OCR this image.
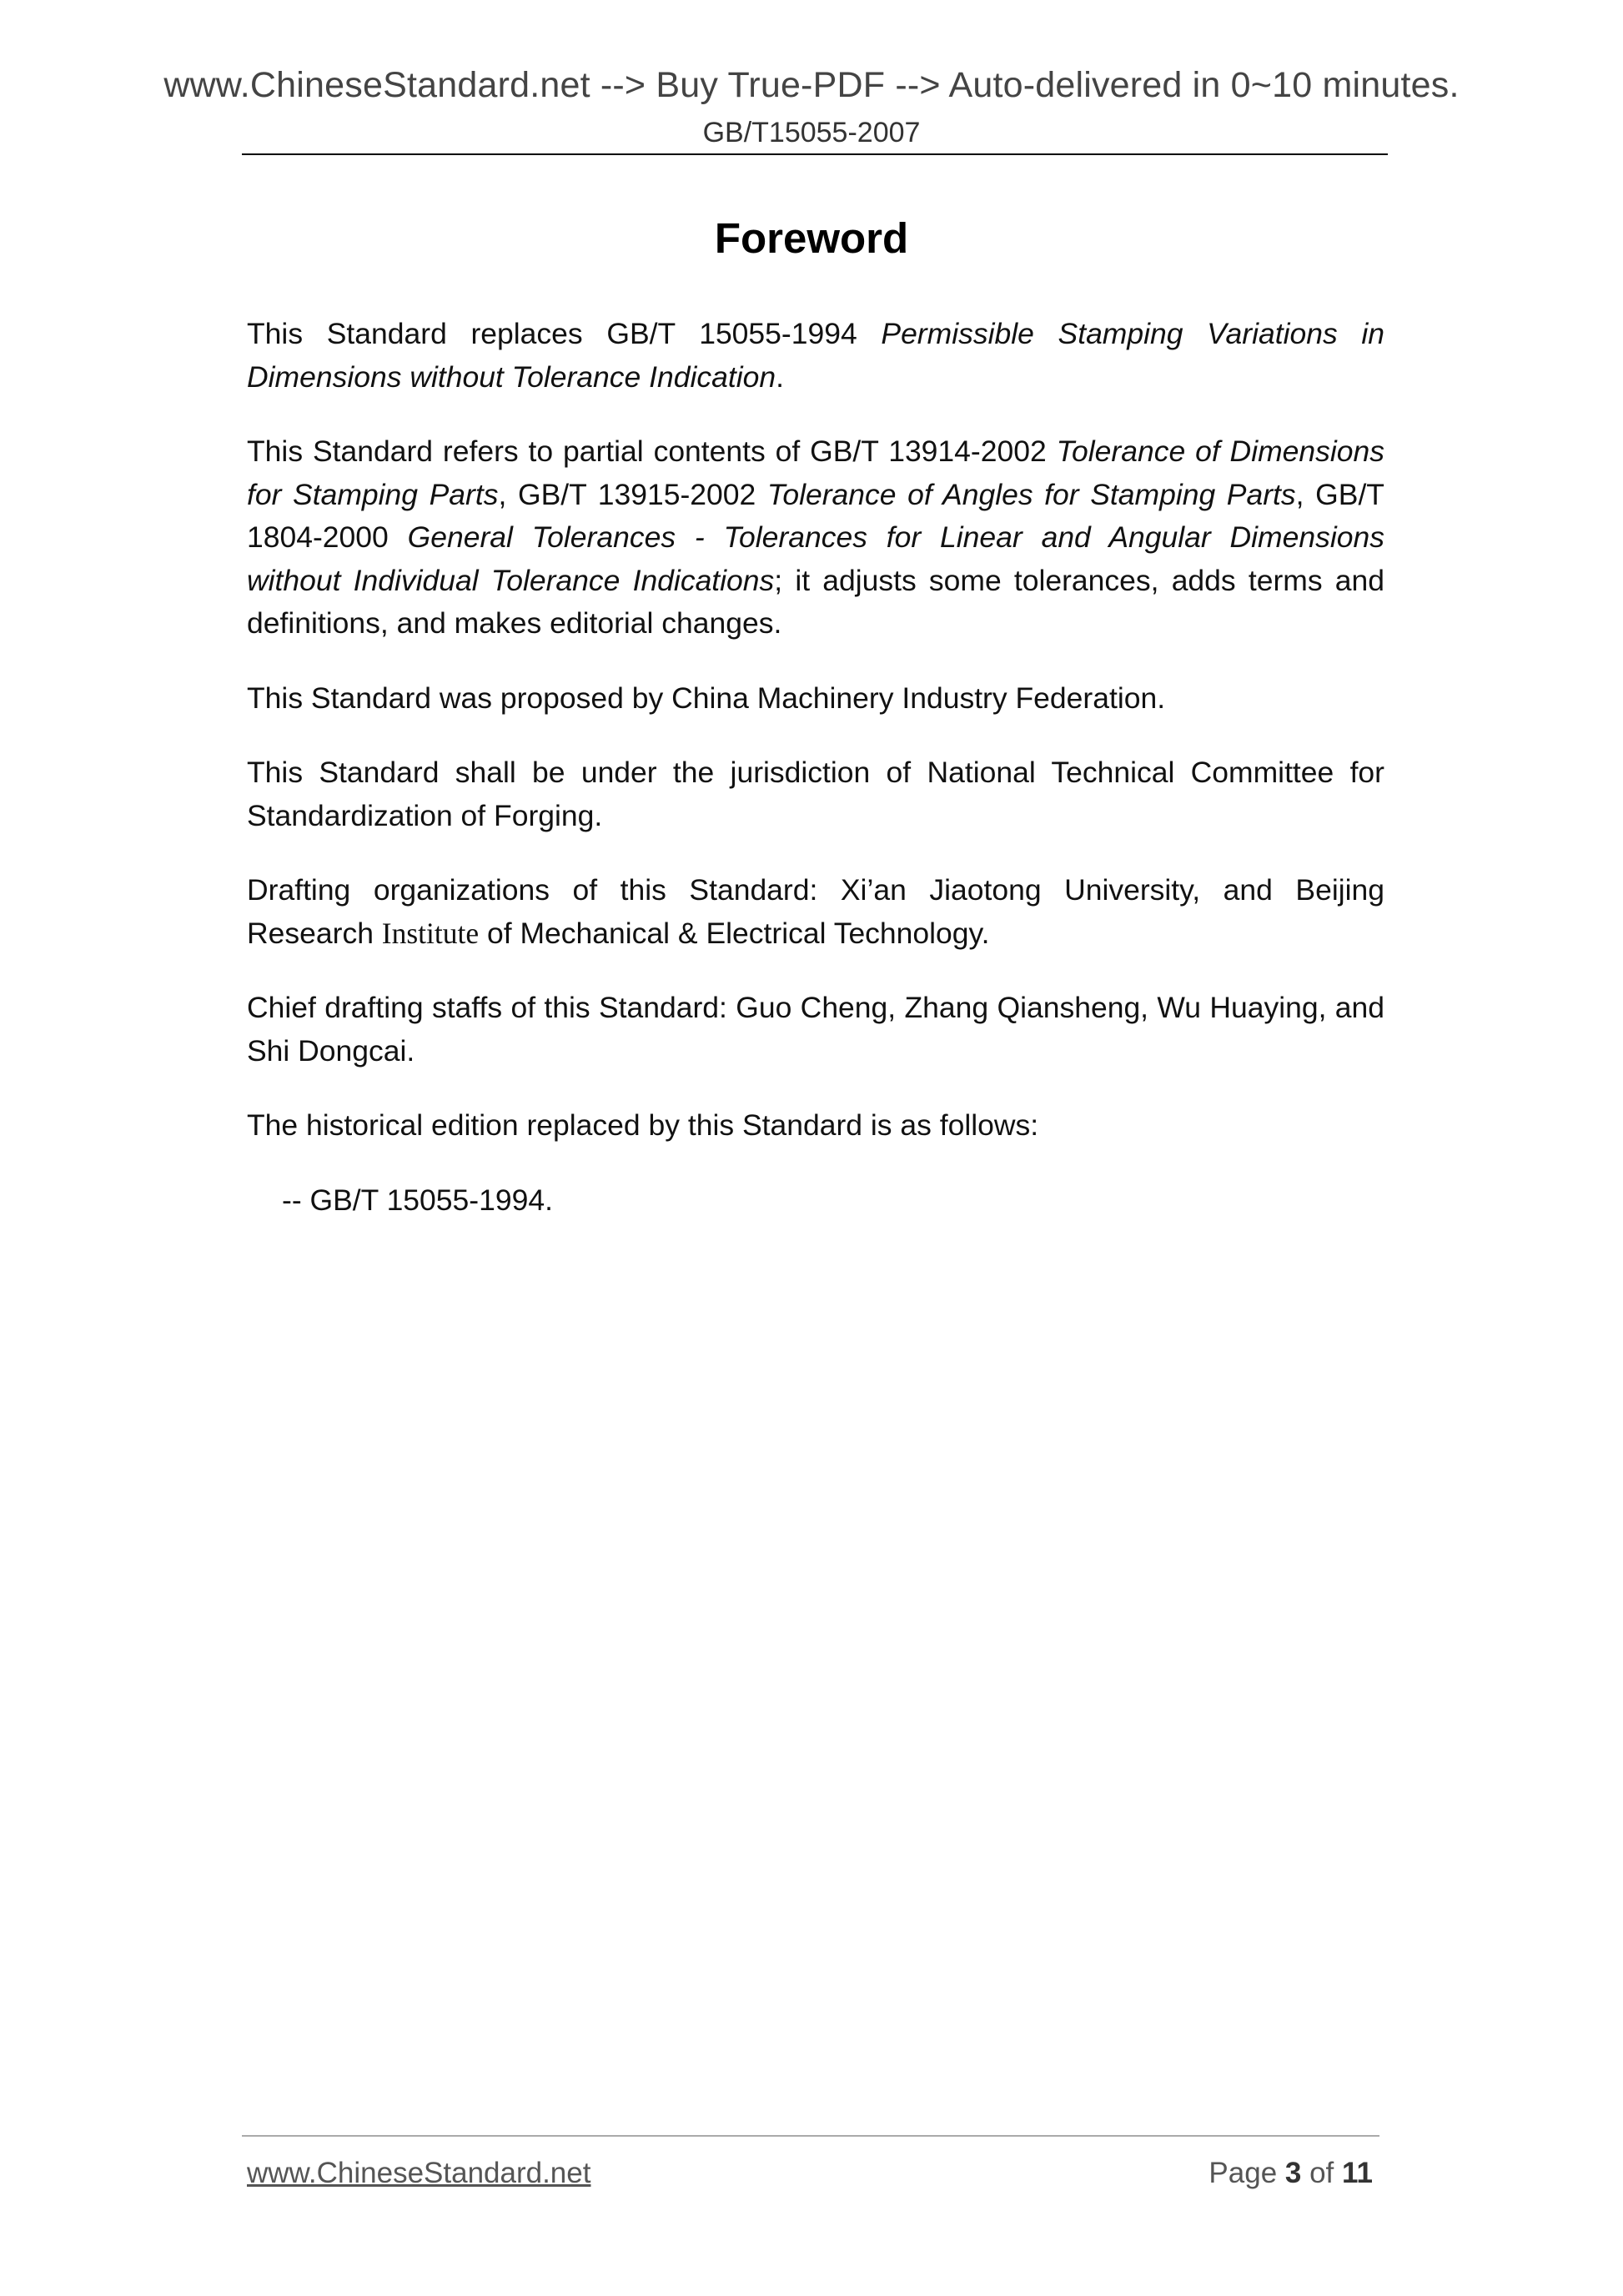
www.ChineseStandard.net --> Buy True-PDF --> Auto-delivered in 0~10 minutes.
GB/T15055-2007
Foreword

This Standard replaces GB/T 15055-1994 Permissible Stamping Variations in Dimensions without Tolerance Indication.

This Standard refers to partial contents of GB/T 13914-2002 Tolerance of Dimensions for Stamping Parts, GB/T 13915-2002 Tolerance of Angles for Stamping Parts, GB/T 1804-2000 General Tolerances - Tolerances for Linear and Angular Dimensions without Individual Tolerance Indications; it adjusts some tolerances, adds terms and definitions, and makes editorial changes.

This Standard was proposed by China Machinery Industry Federation.

This Standard shall be under the jurisdiction of National Technical Committee for Standardization of Forging.

Drafting organizations of this Standard: Xi’an Jiaotong University, and Beijing Research Institute of Mechanical & Electrical Technology.

Chief drafting staffs of this Standard: Guo Cheng, Zhang Qiansheng, Wu Huaying, and Shi Dongcai.

The historical edition replaced by this Standard is as follows:

-- GB/T 15055-1994.

www.ChineseStandard.net	Page 3 of 11
